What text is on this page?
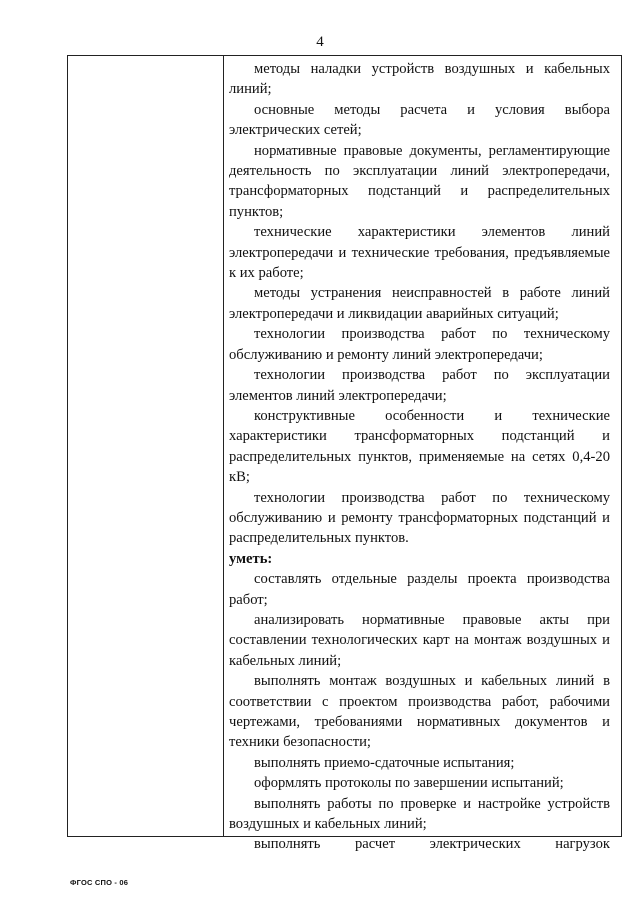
4

методы наладки устройств воздушных и кабельных линий;

основные методы расчета и условия выбора электрических сетей;

нормативные правовые документы, регламентирующие деятельность по эксплуатации линий электропередачи, трансформаторных подстанций и распределительных пунктов;

технические характеристики элементов линий электропередачи и технические требования, предъявляемые к их работе;

методы устранения неисправностей в работе линий электропередачи и ликвидации аварийных ситуаций;

технологии производства работ по техническому обслуживанию и ремонту линий электропередачи;

технологии производства работ по эксплуатации элементов линий электропередачи;

конструктивные особенности и технические характеристики трансформаторных подстанций и распределительных пунктов, применяемые на сетях 0,4-20 кВ;

технологии производства работ по техническому обслуживанию и ремонту трансформаторных подстанций и распределительных пунктов.

уметь:

составлять отдельные разделы проекта производства работ;

анализировать нормативные правовые акты при составлении технологических карт на монтаж воздушных и кабельных линий;

выполнять монтаж воздушных и кабельных линий в соответствии с проектом производства работ, рабочими чертежами, требованиями нормативных документов и техники безопасности;

выполнять приемо-сдаточные испытания;

оформлять протоколы по завершении испытаний;

выполнять работы по проверке и настройке устройств воздушных и кабельных линий;

выполнять расчет электрических нагрузок

ФГОС СПО - 06
